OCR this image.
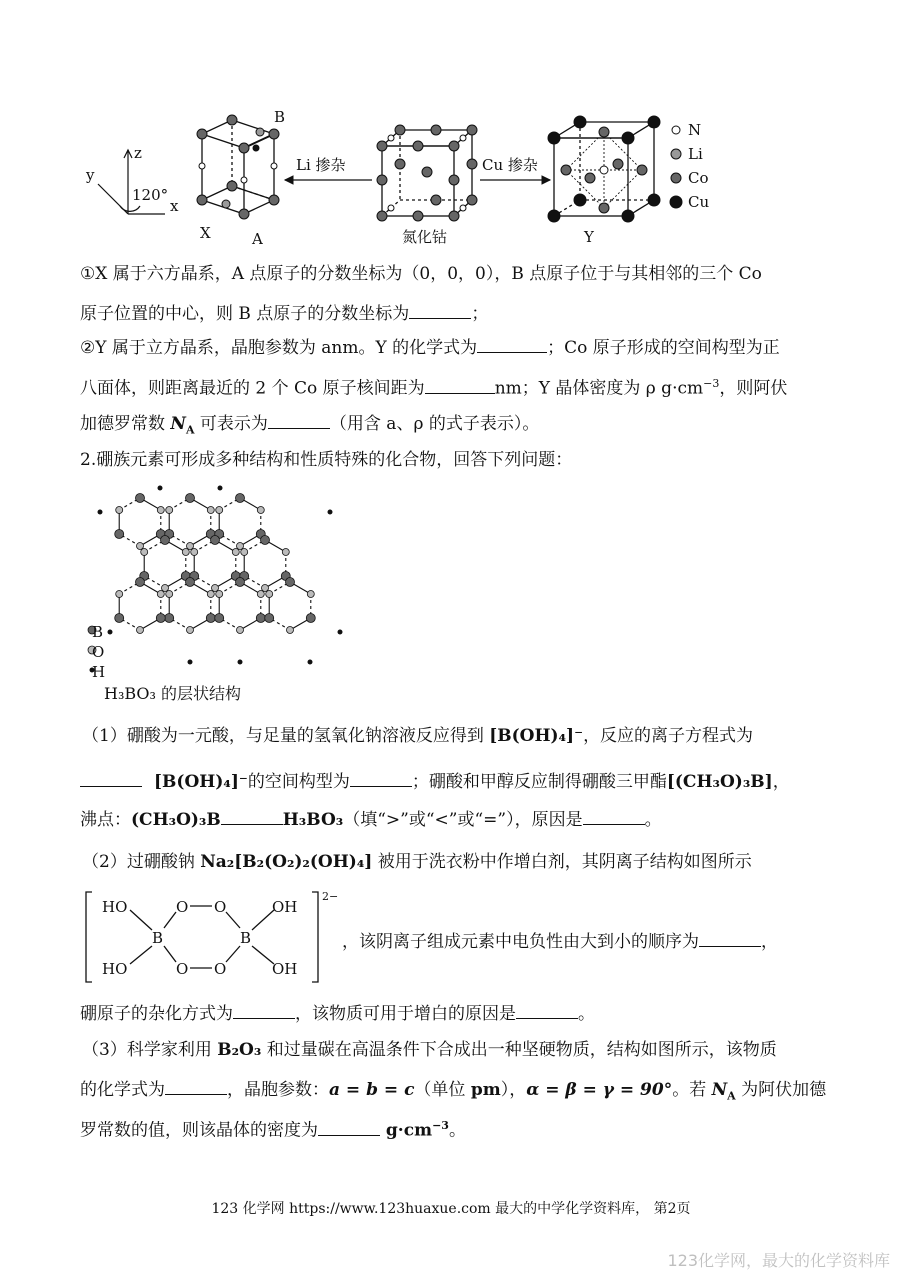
z
y
x
120°
B
A
X
Li 掺杂
氮化钴
Cu 掺杂
Y
N
Li
Co
Cu
①X 属于六方晶系，A 点原子的分数坐标为（0，0，0），B 点原子位于与其相邻的三个 Co
原子位置的中心，则 B 点原子的分数坐标为	；
②Y 属于立方晶系，晶胞参数为 anm。Y 的化学式为	；Co 原子形成的空间构型为正
八面体，则距离最近的 2 个 Co 原子核间距为	nm；Y 晶体密度为 ρ $g\cdot cm^{-3}$，则阿伏
加德罗常数 $N_A$ 可表示为	（用含 a、ρ 的式子表示）。
2.硼族元素可形成多种结构和性质特殊的化合物，回答下列问题：
H₃BO₃ 的层状结构
B
O
H
（1）硼酸为一元酸，与足量的氢氧化钠溶液反应得到 [B(OH)₄]⁻，反应的离子方程式为
[B(OH)₄]⁻的空间构型为	；硼酸和甲醇反应制得硼酸三甲酯[(CH₃O)₃B]，
沸点：(CH₃O)₃B	H₃BO₃（填“>”或“<”或“=”），原因是	。
（2）过硼酸钠 Na₂[B₂(O₂)₂(OH)₄] 被用于洗衣粉中作增白剂，其阴离子结构如图所示
HO
HO
O O
O O
B	B
OH
OH
2−
，该阴离子组成元素中电负性由大到小的顺序为	，
硼原子的杂化方式为	，该物质可用于增白的原因是	。
（3）科学家利用 B₂O₃ 和过量碳在高温条件下合成出一种坚硬物质，结构如图所示，该物质
的化学式为	，晶胞参数：a = b = c（单位 pm），α = β = γ = 90°。若 $N_A$ 为阿伏加德
罗常数的值，则该晶体的密度为	$g\cdot cm^{-3}$。
123 化学网 https://www.123huaxue.com 最大的中学化学资料库， 第2页
123化学网，最大的化学资料库
